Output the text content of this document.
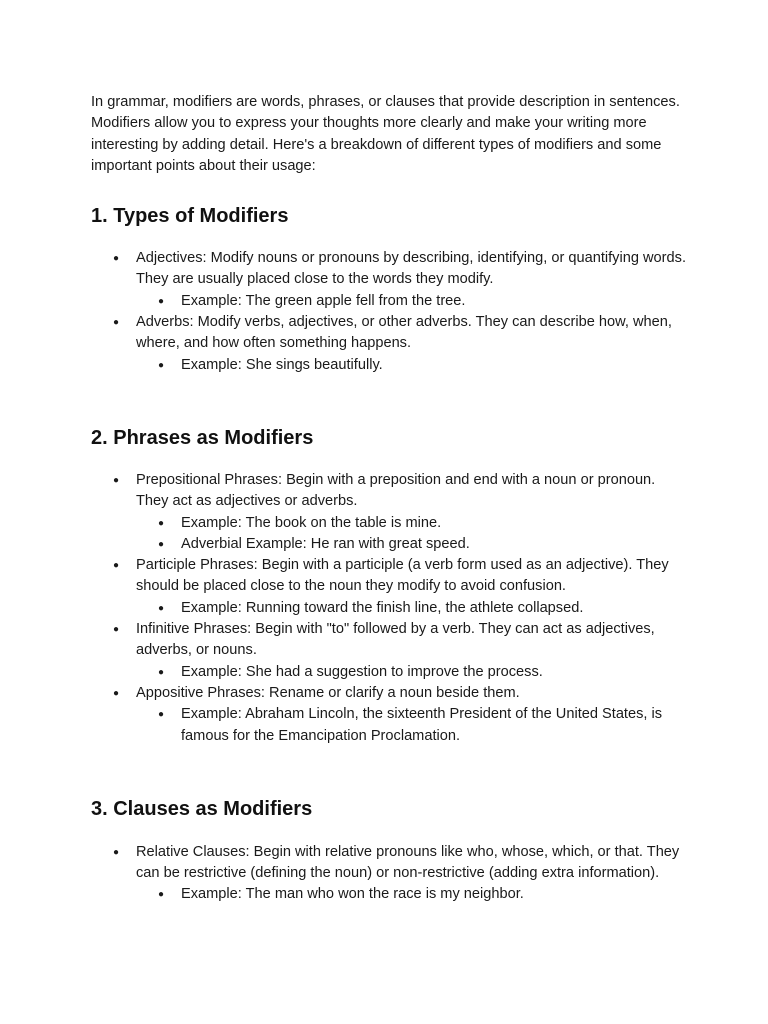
In grammar, modifiers are words, phrases, or clauses that provide description in sentences. Modifiers allow you to express your thoughts more clearly and make your writing more interesting by adding detail. Here's a breakdown of different types of modifiers and some important points about their usage:

1. Types of Modifiers
●
Adjectives: Modify nouns or pronouns by describing, identifying, or quantifying words. They are usually placed close to the words they modify.
●
Example: The green apple fell from the tree.
●
Adverbs: Modify verbs, adjectives, or other adverbs. They can describe how, when, where, and how often something happens.
●
Example: She sings beautifully.
2. Phrases as Modifiers
●
Prepositional Phrases: Begin with a preposition and end with a noun or pronoun. They act as adjectives or adverbs.
●
Example: The book on the table is mine.
●
Adverbial Example: He ran with great speed.
●
Participle Phrases: Begin with a participle (a verb form used as an adjective). They should be placed close to the noun they modify to avoid confusion.
●
Example: Running toward the finish line, the athlete collapsed.
●
Infinitive Phrases: Begin with "to" followed by a verb. They can act as adjectives, adverbs, or nouns.
●
Example: She had a suggestion to improve the process.
●
Appositive Phrases: Rename or clarify a noun beside them.
●
Example: Abraham Lincoln, the sixteenth President of the United States, is famous for the Emancipation Proclamation.
3. Clauses as Modifiers
●
Relative Clauses: Begin with relative pronouns like who, whose, which, or that. They can be restrictive (defining the noun) or non-restrictive (adding extra information).
●
Example: The man who won the race is my neighbor.
